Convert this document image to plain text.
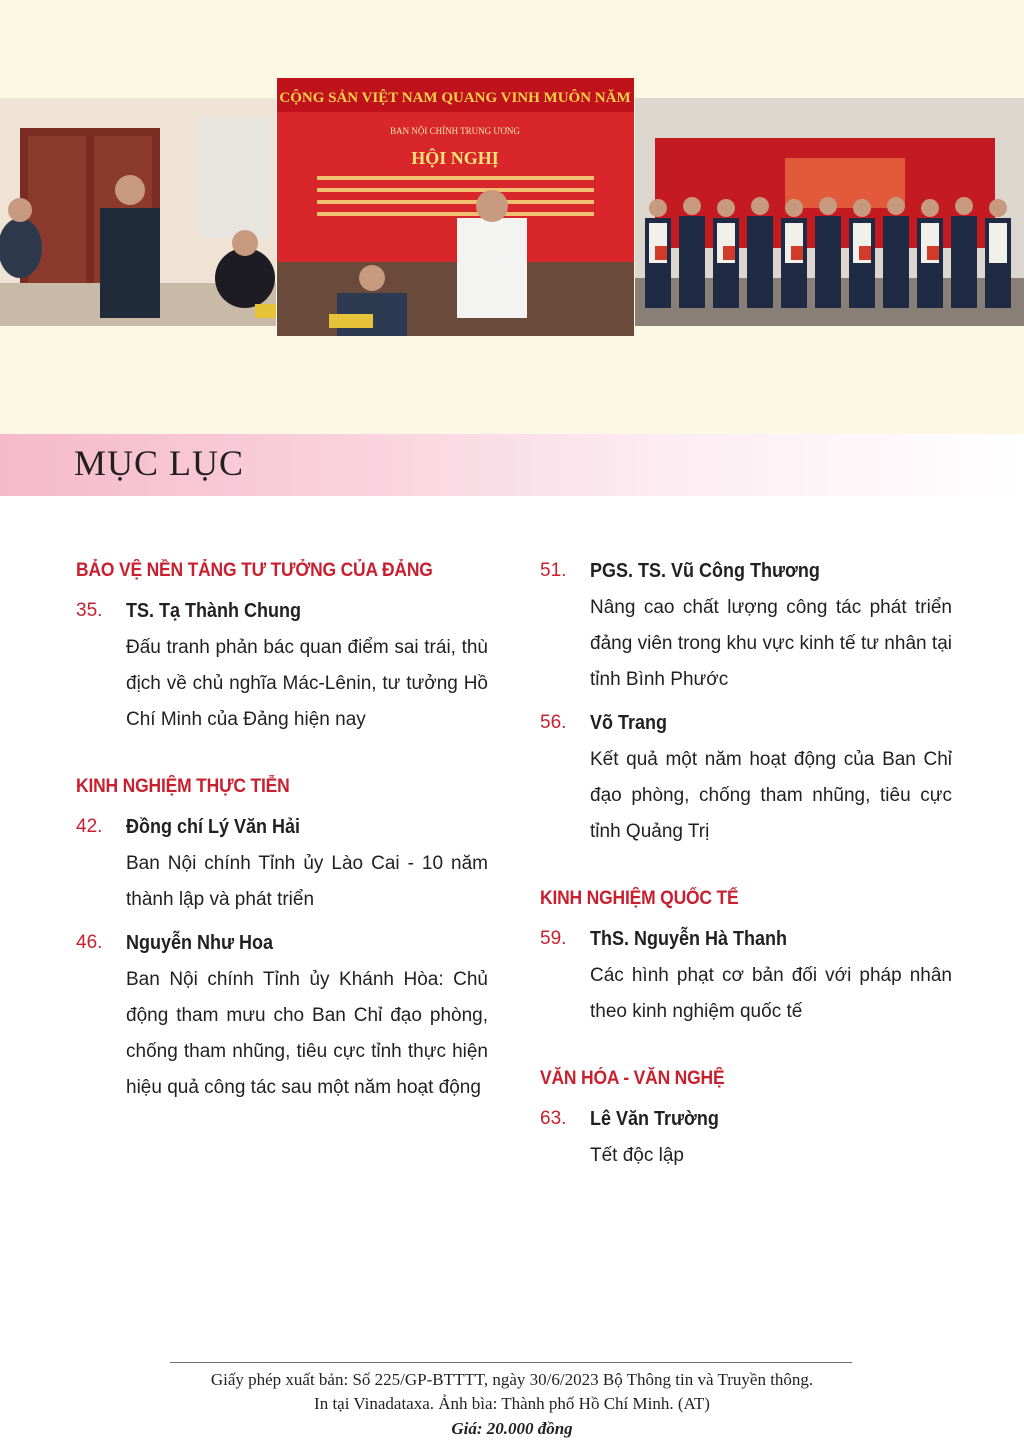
CỘNG SẢN VIỆT NAM QUANG VINH MUÔN NĂM
BAN NỘI CHÍNH TRUNG ƯƠNG
HỘI NGHỊ
MỤC LỤC
BẢO VỆ NỀN TẢNG TƯ TƯỞNG CỦA ĐẢNG
35.	TS. Tạ Thành Chung
Đấu tranh phản bác quan điểm sai trái, thù địch về chủ nghĩa Mác-Lênin, tư tưởng Hồ Chí Minh của Đảng hiện nay
KINH NGHIỆM THỰC TIỄN
42.	Đồng chí Lý Văn Hải
Ban Nội chính Tỉnh ủy Lào Cai - 10 năm thành lập và phát triển
46.	Nguyễn Như Hoa
Ban Nội chính Tỉnh ủy Khánh Hòa: Chủ động tham mưu cho Ban Chỉ đạo phòng, chống tham nhũng, tiêu cực tỉnh thực hiện hiệu quả công tác sau một năm hoạt động
51.	PGS. TS. Vũ Công Thương
Nâng cao chất lượng công tác phát triển đảng viên trong khu vực kinh tế tư nhân tại tỉnh Bình Phước
56.	Võ Trang
Kết quả một năm hoạt động của Ban Chỉ đạo phòng, chống tham nhũng, tiêu cực tỉnh Quảng Trị
KINH NGHIỆM QUỐC TẾ
59.	ThS. Nguyễn Hà Thanh
Các hình phạt cơ bản đối với pháp nhân theo kinh nghiệm quốc tế
VĂN HÓA - VĂN NGHỆ
63.	Lê Văn Trường
Tết độc lập
Giấy phép xuất bản: Số 225/GP-BTTTT, ngày 30/6/2023 Bộ Thông tin và Truyền thông.
In tại Vinadataxa. Ảnh bìa: Thành phố Hồ Chí Minh. (AT)
Giá: 20.000 đồng
